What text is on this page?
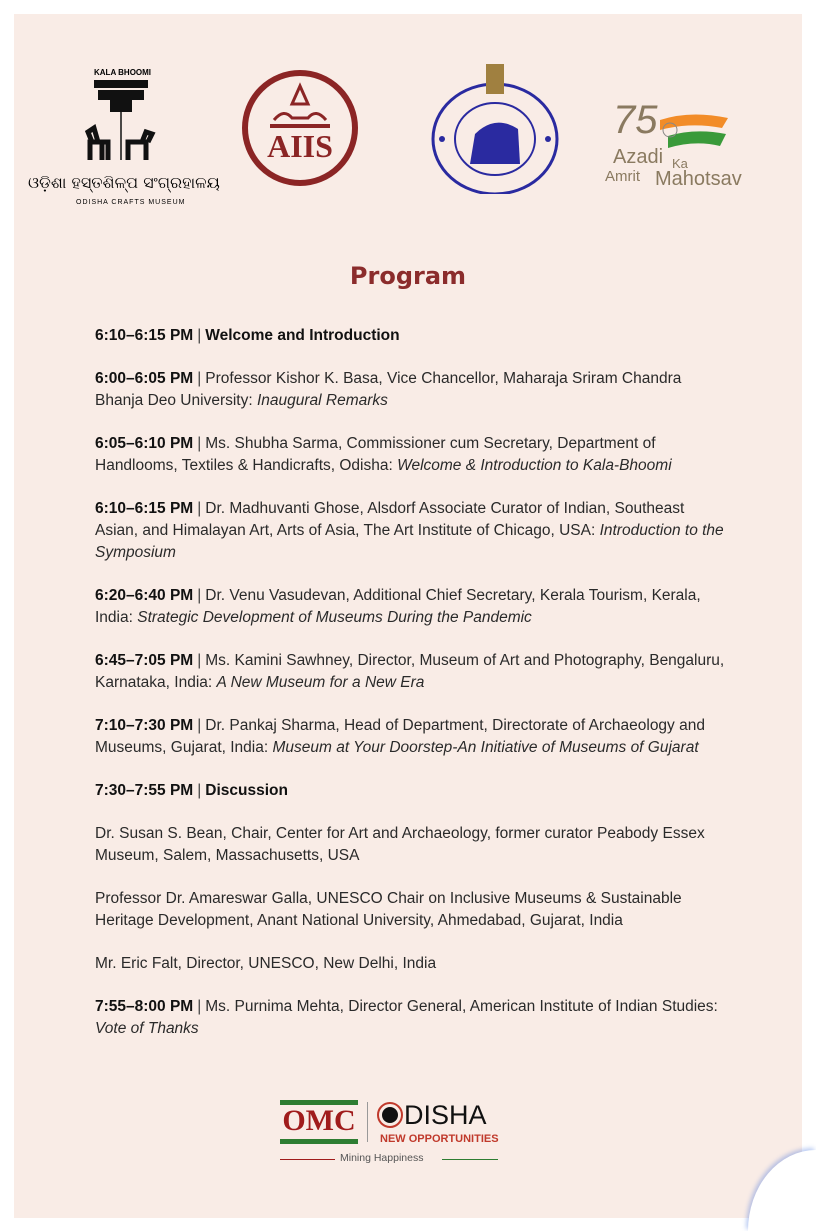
KALA BHOOMI
ଓଡ଼ିଶା ହସ୍ତଶିଳ୍ପ ସଂଗ୍ରହାଳୟ
ODISHA CRAFTS MUSEUM
AIIS
75
Azadi Ka
Amrit Mahotsav
Program
6:10–6:15 PM | Welcome and Introduction
6:00–6:05 PM | Professor Kishor K. Basa, Vice Chancellor, Maharaja Sriram Chandra Bhanja Deo University: Inaugural Remarks
6:05–6:10 PM | Ms. Shubha Sarma, Commissioner cum Secretary, Department of Handlooms, Textiles & Handicrafts, Odisha: Welcome & Introduction to Kala-Bhoomi
6:10–6:15 PM | Dr. Madhuvanti Ghose, Alsdorf Associate Curator of Indian, Southeast Asian, and Himalayan Art, Arts of Asia, The Art Institute of Chicago, USA: Introduction to the Symposium
6:20–6:40 PM | Dr. Venu Vasudevan, Additional Chief Secretary, Kerala Tourism, Kerala, India: Strategic Development of Museums During the Pandemic
6:45–7:05 PM | Ms. Kamini Sawhney, Director, Museum of Art and Photography, Bengaluru, Karnataka, India: A New Museum for a New Era
7:10–7:30 PM | Dr. Pankaj Sharma, Head of Department, Directorate of Archaeology and Museums, Gujarat, India: Museum at Your Doorstep-An Initiative of Museums of Gujarat
7:30–7:55 PM | Discussion
Dr. Susan S. Bean, Chair, Center for Art and Archaeology, former curator Peabody Essex Museum, Salem, Massachusetts, USA
Professor Dr. Amareswar Galla, UNESCO Chair on Inclusive Museums & Sustainable Heritage Development, Anant National University, Ahmedabad, Gujarat, India
Mr. Eric Falt, Director, UNESCO, New Delhi, India
7:55–8:00 PM | Ms. Purnima Mehta, Director General, American Institute of Indian Studies: Vote of Thanks
OMC DISHA
NEW OPPORTUNITIES
Mining Happiness
